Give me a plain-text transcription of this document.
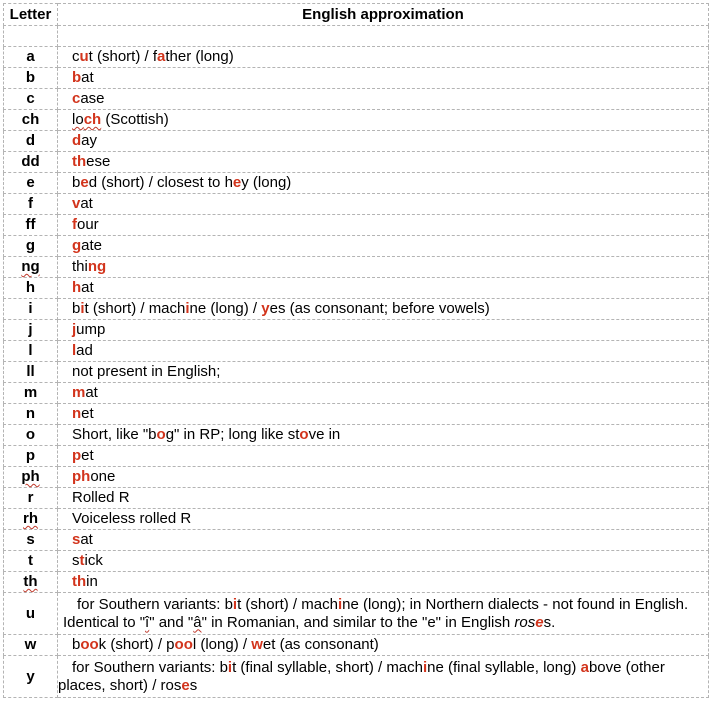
Letter	English approximation

a	cut (short) / father (long)

b	bat

c	case

ch	loch (Scottish)

d	day

dd	these

e	bed (short) / closest to hey (long)

f	vat

ff	four

g	gate

ng	thing

h	hat

i	bit (short) / machine (long) / yes (as consonant; before vowels)

j	jump

l	lad

ll	not present in English;

m	mat

n	net

o	Short, like "bog" in RP; long like stove in

p	pet

ph	phone

r	Rolled R

rh	Voiceless rolled R

s	sat

t	stick

th	thin

u	for Southern variants: bit (short) / machine (long); in Northern dialects - not found in English. Identical to "î" and "â" in Romanian, and similar to the "e" in English roses.

w	book (short) / pool (long) / wet (as consonant)

y	for Southern variants: bit (final syllable, short) / machine (final syllable, long) above (other places, short) / roses
